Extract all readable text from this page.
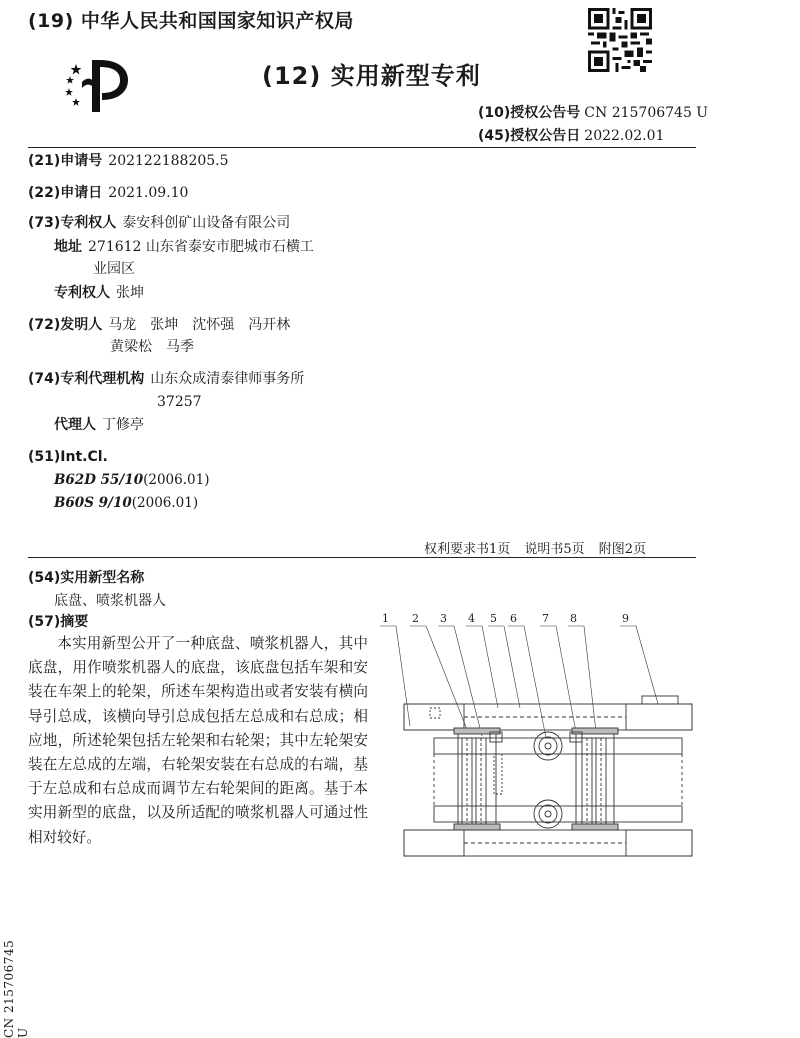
(19) 中华人民共和国国家知识产权局
(12) 实用新型专利
(10)授权公告号 CN 215706745 U
(45)授权公告日 2022.02.01
(21)申请号 202122188205.5
(22)申请日 2021.09.10
(73)专利权人 泰安科创矿山设备有限公司
地址 271612 山东省泰安市肥城市石横工
业园区
专利权人 张坤
(72)发明人 马龙　张坤　沈怀强　冯开林
黄梁松　马季
(74)专利代理机构 山东众成清泰律师事务所
37257
代理人 丁修亭
(51)Int.Cl.
B62D 55/10(2006.01)
B60S 9/10(2006.01)
权利要求书1页 说明书5页 附图2页
(54)实用新型名称
底盘、喷浆机器人
(57)摘要
本实用新型公开了一种底盘、喷浆机器人，其中底盘，用作喷浆机器人的底盘，该底盘包括车架和安装在车架上的轮架，所述车架构造出或者安装有横向导引总成，该横向导引总成包括左总成和右总成；相应地，所述轮架包括左轮架和右轮架；其中左轮架安装在左总成的左端，右轮架安装在右总成的右端，基于左总成和右总成而调节左右轮架间的距离。基于本实用新型的底盘，以及所适配的喷浆机器人可通过性相对较好。
1 2 3 4 5 6 7 8	9
CN 215706745 U
